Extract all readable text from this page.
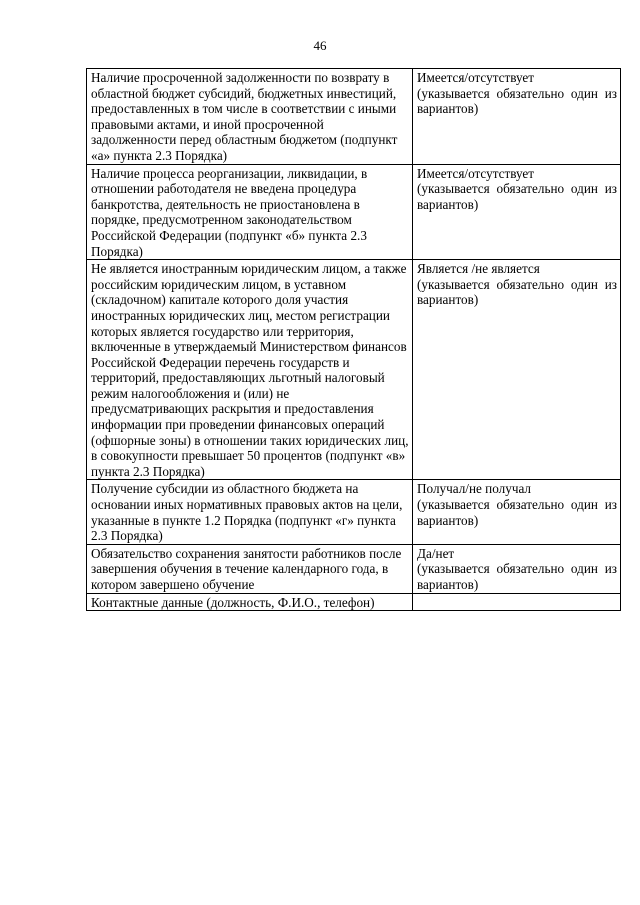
46
Наличие просроченной задолженности по возврату в областной бюджет субсидий, бюджетных инвестиций, предоставленных в том числе в соответствии с иными правовыми актами, и иной просроченной задолженности перед областным бюджетом (подпункт «а» пункта 2.3 Порядка)	Имеется/отсутствует
(указывается обязательно один из вариантов)

Наличие процесса реорганизации, ликвидации, в отношении работодателя не введена процедура банкротства, деятельность не приостановлена в порядке, предусмотренном законодательством Российской Федерации (подпункт «б» пункта 2.3 Порядка)	Имеется/отсутствует
(указывается обязательно один из вариантов)

Не является иностранным юридическим лицом, а также российским юридическим лицом, в уставном (складочном) капитале которого доля участия иностранных юридических лиц, местом регистрации которых является государство или территория, включенные в утверждаемый Министерством финансов Российской Федерации перечень государств и территорий, предоставляющих льготный налоговый режим налогообложения и (или) не предусматривающих раскрытия и предоставления информации при проведении финансовых операций (офшорные зоны) в отношении таких юридических лиц, в совокупности превышает 50 процентов (подпункт «в» пункта 2.3 Порядка)	Является /не является
(указывается обязательно один из вариантов)

Получение субсидии из областного бюджета на основании иных нормативных правовых актов на цели, указанные в пункте 1.2 Порядка (подпункт «г» пункта 2.3 Порядка)	Получал/не получал
(указывается обязательно один из вариантов)

Обязательство сохранения занятости работников после завершения обучения в течение календарного года, в котором завершено обучение	Да/нет
(указывается обязательно один из вариантов)

Контактные данные (должность, Ф.И.О., телефон)	
